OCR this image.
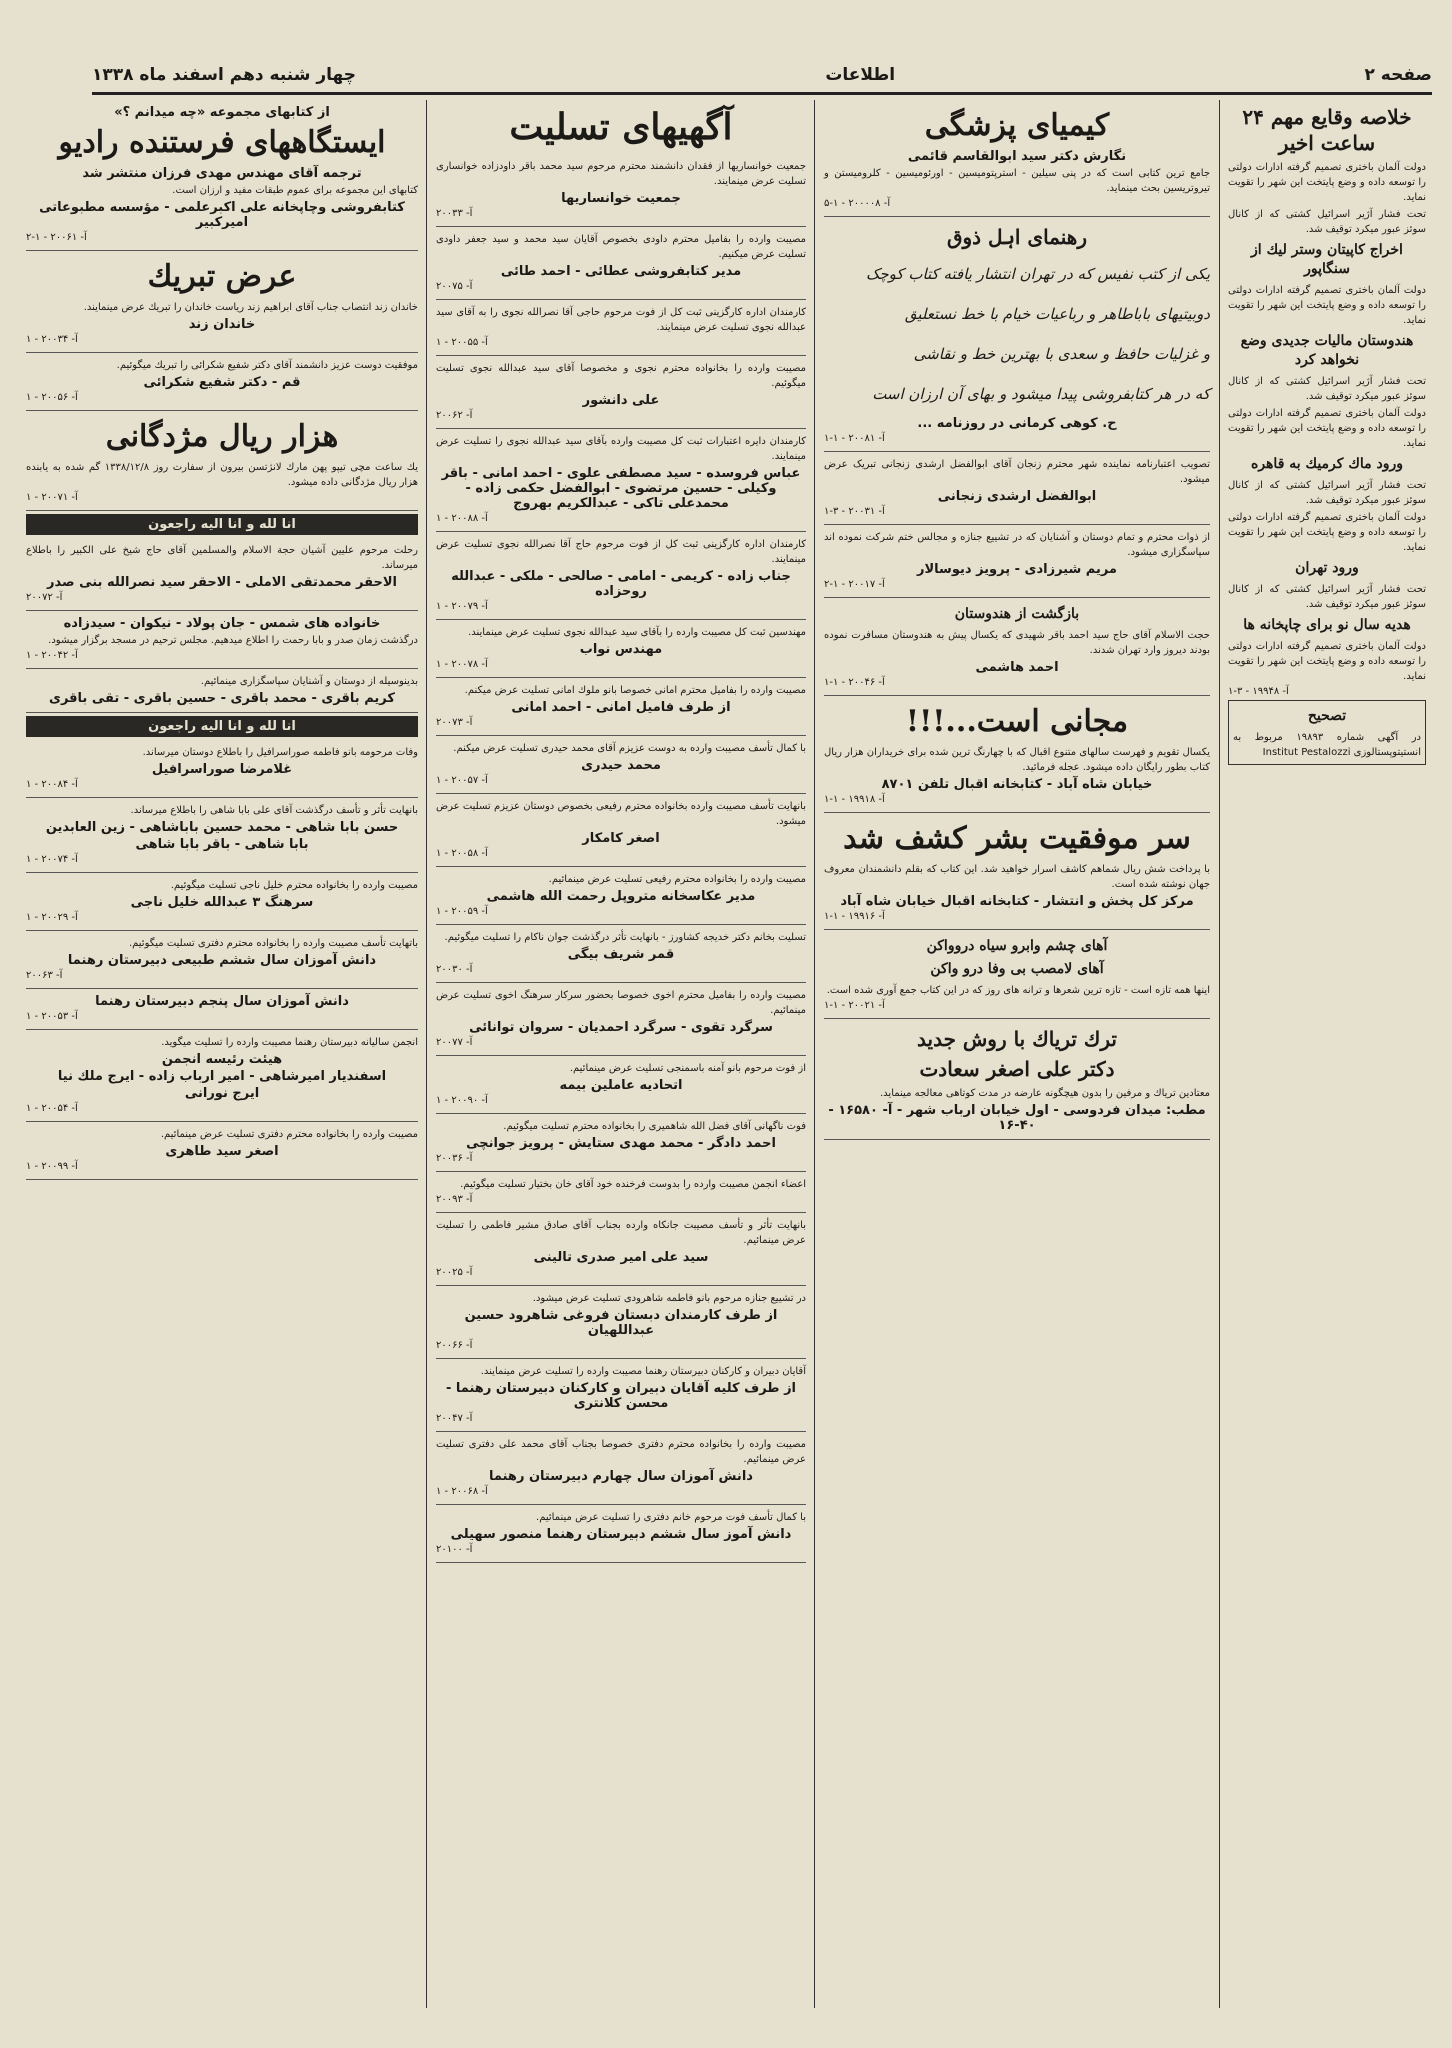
صفحه ۲
اطلاعات
چهار شنبه دهم اسفند ماه ۱۳۳۸
خلاصه وقایع مهم ۲۴ ساعت اخیر

دولت آلمان باختری تصمیم گرفته ادارات دولتی را توسعه داده و وضع پایتخت این شهر را تقویت نماید.

تحت فشار آژیر اسرائیل کشتی که از کانال سوئز عبور میکرد توقیف شد.

اخراج کاپیتان وستر لیك از سنگاپور

دولت آلمان باختری تصمیم گرفته ادارات دولتی را توسعه داده و وضع پایتخت این شهر را تقویت نماید.

هندوستان مالیات جدیدی وضع نخواهد کرد

تحت فشار آژیر اسرائیل کشتی که از کانال سوئز عبور میکرد توقیف شد.

دولت آلمان باختری تصمیم گرفته ادارات دولتی را توسعه داده و وضع پایتخت این شهر را تقویت نماید.

ورود ماك كرمیك به قاهره

تحت فشار آژیر اسرائیل کشتی که از کانال سوئز عبور میکرد توقیف شد.

دولت آلمان باختری تصمیم گرفته ادارات دولتی را توسعه داده و وضع پایتخت این شهر را تقویت نماید.

ورود تهران

تحت فشار آژیر اسرائیل کشتی که از کانال سوئز عبور میکرد توقیف شد.

هدیه سال نو برای چاپخانه ها

دولت آلمان باختری تصمیم گرفته ادارات دولتی را توسعه داده و وضع پایتخت این شهر را تقویت نماید.

آ- ۱۹۹۴۸ - ۳-۱
تصحیح

در آگهی شماره ۱۹۸۹۳ مربوط به انستیتوپستالوزی Institut Pestalozzi

کیمیای پزشگی
نگارش دکتر سید ابوالقاسم قائمی

جامع ترین کتابی است که در پنی سیلین - استرپتومیسین - اورئومیسین - کلرومیستن و تیروتریسین بحث مینماید.

آ- ۲۰۰۰۰۸ - ۱-۵
رهنمای اہل ذوق
یکی از کتب نفیس که در تهران انتشار یافته کتاب کوچک
دوبیتیهای باباطاهر و رباعیات خیام با خط نستعلیق
و غزلیات حافظ و سعدی با بهترین خط و نقاشی
که در هر کتابفروشی پیدا میشود و بهای آن ارزان است
ح. کوهی کرمانی در روزنامه ...
آ- ۲۰۰۸۱ - ۱-۱

تصویب اعتبارنامه نماینده شهر محترم زنجان آقای ابوالفضل ارشدی زنجانی تبریک عرض میشود.

ابوالفضل ارشدی زنجانی
آ- ۲۰۰۳۱ - ۳-۱

از ذوات محترم و تمام دوستان و آشنایان که در تشییع جنازه و مجالس ختم شرکت نموده اند سپاسگزاری میشود.

مریم شیرزادی - پرویز دیوسالار
آ- ۲۰۰۱۷ - ۱-۲
بازگشت از هندوستان

حجت الاسلام آقای حاج سید احمد باقر شهیدی که یکسال پیش به هندوستان مسافرت نموده بودند دیروز وارد تهران شدند.

احمد هاشمی
آ- ۲۰۰۴۶ - ۱-۱
مجانی است...!!!

یکسال تقویم و فهرست سالهای متنوع اقبال که با چهارنگ ترین شده برای خریداران هزار ریال کتاب بطور رایگان داده میشود. عجله فرمائید.

خیابان شاه آباد - کتابخانه اقبال تلفن ۸۷۰۱
آ- ۱۹۹۱۸ - ۱-۱
سر موفقیت بشر کشف شد

با پرداخت شش ریال شماهم کاشف اسرار خواهید شد. این کتاب که بقلم دانشمندان معروف جهان نوشته شده است.

مرکز کل پخش و انتشار - کتابخانه اقبال خیابان شاه آباد
آ- ۱۹۹۱۶ - ۱-۱
آهای چشم وابرو سیاه دروواکن
آهای لامصب بی وفا درو واکن

اینها همه تازه است - تازه ترین شعرها و ترانه های روز که در این کتاب جمع آوری شده است.

آ- ۲۰۰۲۱ - ۱-۱
ترك تریاك با روش جدید
دکتر علی اصغر سعادت

معتادین تریاك و مرفین را بدون هیچگونه عارضه در مدت کوتاهی معالجه مینماید.

مطب: میدان فردوسی - اول خیابان ارباب شهر - آ- ۱۶۵۸۰ - ۴۰-۱۶
آگهیهای تسلیت

جمعیت خوانساریها از فقدان دانشمند محترم مرحوم سید محمد باقر داودزاده خوانساری تسلیت عرض مینمایند.

جمعیت خوانساریها
آ- ۲۰۰۳۳

مصیبت وارده را بفامیل محترم داودی بخصوص آقایان سید محمد و سید جعفر داودی تسلیت عرض میکنیم.

مدیر کتابفروشی عطائی - احمد طائی
آ- ۲۰۰۷۵

کارمندان اداره کارگزینی ثبت کل از فوت مرحوم حاجی آقا نصرالله نجوی را به آقای سید عبدالله نجوی تسلیت عرض مینمایند.

آ- ۲۰۰۵۵ - ۱

مصیبت وارده را بخانواده محترم نجوی و مخصوصا آقای سید عبدالله نجوی تسلیت میگوئیم.

علی دانشور
آ- ۲۰۰۶۲

کارمندان دایره اعتبارات ثبت کل مصیبت وارده بآقای سید عبدالله نجوی را تسلیت عرض مینمایند.

عباس فروسده - سید مصطفی علوی - احمد امانی - باقر وکیلی - حسین مرتضوی - ابوالفضل حکمی زاده - محمدعلی تاکی - عبدالکریم بهروج
آ- ۲۰۰۸۸ - ۱

کارمندان اداره کارگزینی ثبت کل از فوت مرحوم حاج آقا نصرالله نجوی تسلیت عرض مینمایند.

جناب زاده - کریمی - امامی - صالحی - ملکی - عبدالله روحزاده
آ- ۲۰۰۷۹ - ۱

مهندسین ثبت کل مصیبت وارده را بآقای سید عبدالله نجوی تسلیت عرض مینمایند.

مهندس نواب
آ- ۲۰۰۷۸ - ۱

مصیبت وارده را بفامیل محترم امانی خصوصا بانو ملوك امانی تسلیت عرض میکنم.

از طرف فامیل امانی - احمد امانی
آ- ۲۰۰۷۳

با کمال تأسف مصیبت وارده به دوست عزیزم آقای محمد حیدری تسلیت عرض میکنم.

محمد حیدری
آ- ۲۰۰۵۷ - ۱

بانهایت تأسف مصیبت وارده بخانواده محترم رفیعی بخصوص دوستان عزیزم تسلیت عرض میشود.

اصغر کامکار
آ- ۲۰۰۵۸ - ۱

مصیبت وارده را بخانواده محترم رفیعی تسلیت عرض مینمائیم.

مدیر عکاسخانه متروپل رحمت الله هاشمی
آ- ۲۰۰۵۹ - ۱

تسلیت بخانم دکتر خدیجه کشاورز - بانهایت تأثر درگذشت جوان ناکام را تسلیت میگوئیم.

قمر شریف بیگی
آ- ۲۰۰۳۰

مصیبت وارده را بفامیل محترم اخوی خصوصا بحضور سرکار سرهنگ اخوی تسلیت عرض مینمائیم.

سرگرد تقوی - سرگرد احمدیان - سروان توانائی
آ- ۲۰۰۷۷

از فوت مرحوم بانو آمنه باسمنجی تسلیت عرض مینمائیم.

اتحادیه عاملین بیمه
آ- ۲۰۰۹۰ - ۱

فوت ناگهانی آقای فضل الله شاهمیری را بخانواده محترم تسلیت میگوئیم.

احمد دادگر - محمد مهدی ستایش - پرویز جوانچی
آ- ۲۰۰۳۶

اعضاء انجمن مصیبت وارده را بدوست فرخنده خود آقای خان بختیار تسلیت میگوئیم.

آ- ۲۰۰۹۳

بانهایت تأثر و تأسف مصیبت جانکاه وارده بجناب آقای صادق مشیر فاطمی را تسلیت عرض مینمائیم.

سید علی امیر صدری تالینی
آ- ۲۰۰۲۵

در تشییع جنازه مرحوم بانو فاطمه شاهرودی تسلیت عرض میشود.

از طرف کارمندان دبستان فروغی شاهرود حسین عبداللهیان
آ- ۲۰۰۶۶

آقایان دبیران و کارکنان دبیرستان رهنما مصیبت وارده را تسلیت عرض مینمایند.

از طرف کلیه آقایان دبیران و کارکنان دبیرستان رهنما - محسن کلانتری
آ- ۲۰۰۴۷

مصیبت وارده را بخانواده محترم دفتری خصوصا بجناب آقای محمد علی دفتری تسلیت عرض مینمائیم.

دانش آموزان سال چهارم دبیرستان رهنما
آ- ۲۰۰۶۸ - ۱

با کمال تأسف فوت مرحوم خانم دفتری را تسلیت عرض مینمائیم.

دانش آموز سال ششم دبیرستان رهنما منصور سهیلی
آ- ۲۰۱۰۰
از کتابهای مجموعه «چه میدانم ؟»
ایستگاههای فرستنده رادیو
ترجمه آقای مهندس مهدی فرزان منتشر شد

کتابهای این مجموعه برای عموم طبقات مفید و ارزان است.

کتابفروشی وچاپخانه علی اکبرعلمی - مؤسسه مطبوعاتی امیرکبیر
آ- ۲۰۰۶۱ - ۱-۲
عرض تبریك

خاندان زند انتصاب جناب آقای ابراهیم زند ریاست خاندان را تبریك عرض مینمایند.

خاندان زند
آ- ۲۰۰۳۴ - ۱

موفقیت دوست عزیز دانشمند آقای دکتر شفیع شکرائی را تبریك میگوئیم.

قم - دکتر شفیع شکرائی
آ- ۲۰۰۵۶ - ۱
هزار ریال مژدگانی

یك ساعت مچی تیپو پهن مارك لانژتسن بیرون از سفارت روز ۱۳۳۸/۱۲/۸ گم شده به یابنده هزار ریال مژدگانی داده میشود.

آ- ۲۰۰۷۱ - ۱
انا لله و انا الیه راجعون

رحلت مرحوم علیین آشیان حجة الاسلام والمسلمین آقای حاج شیخ علی الکبیر را باطلاع میرساند.

الاحقر محمدتقی الاملی - الاحقر سید نصرالله بنی صدر
آ- ۲۰۰۷۲
خانواده های شمس - جان پولاد - نیکوان - سیدزاده

درگذشت زمان صدر و بابا رحمت را اطلاع میدهیم. مجلس ترحیم در مسجد برگزار میشود.

آ- ۲۰۰۴۲ - ۱

بدینوسیله از دوستان و آشنایان سپاسگزاری مینمائیم.

کریم باقری - محمد باقری - حسین باقری - تقی باقری
انا لله و انا الیه راجعون

وفات مرحومه بانو فاطمه صوراسرافیل را باطلاع دوستان میرساند.

غلامرضا صوراسرافیل
آ- ۲۰۰۸۴ - ۱

بانهایت تأثر و تأسف درگذشت آقای علی بابا شاهی را باطلاع میرساند.

حسن بابا شاهی - محمد حسین باباشاهی - زین العابدین
بابا شاهی - باقر بابا شاهی
آ- ۲۰۰۷۴ - ۱

مصیبت وارده را بخانواده محترم خلیل ناجی تسلیت میگوئیم.

سرهنگ ۳ عبدالله خلیل ناجی
آ- ۲۰۰۲۹ - ۱

باتهایت تأسف مصیبت وارده را بخانواده محترم دفتری تسلیت میگوئیم.

دانش آموزان سال ششم طبیعی دبیرستان رهنما
آ- ۲۰۰۶۳
دانش آموزان سال پنجم دبیرستان رهنما
آ- ۲۰۰۵۳ - ۱

انجمن سالیانه دبیرستان رهنما مصیبت وارده را تسلیت میگوید.

هیئت رئیسه انجمن
اسفندیار امیرشاهی - امیر ارباب زاده - ایرج ملك نیا
ایرج نورانی
آ- ۲۰۰۵۴ - ۱

مصیبت وارده را بخانواده محترم دفتری تسلیت عرض مینمائیم.

اصغر سید طاهری
آ- ۲۰۰۹۹ - ۱
